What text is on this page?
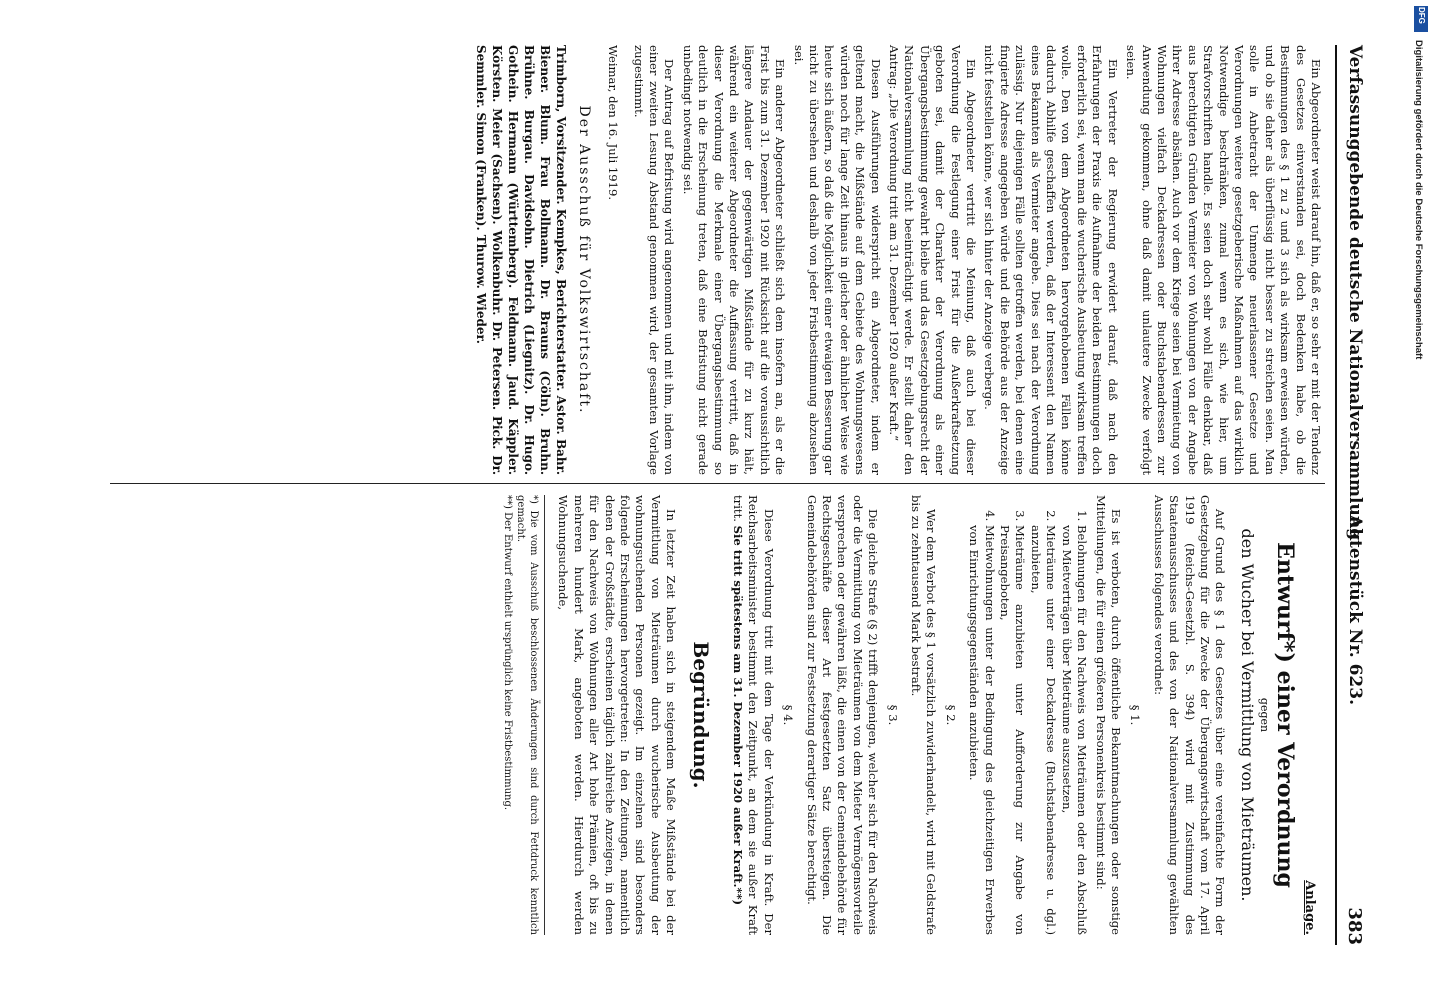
Verfassunggebende deutsche Nationalversammlung.
Aktenstück Nr. 623.
383

Ein Abgeordneter weist darauf hin, daß er, so sehr er mit der Tendenz des Gesetzes einverstanden sei, doch Bedenken habe, ob die Bestimmungen des § 1 zu 2 und 3 sich als wirksam erweisen würden, und ob sie daher als überflüssig nicht besser zu streichen seien. Man solle in Anbetracht der Unmenge neuerlassener Gesetze und Verordnungen weitere gesetzgeberische Maßnahmen auf das wirklich Notwendige beschränken, zumal wenn es sich, wie hier, um Strafvorschriften handle. Es seien doch sehr wohl Fälle denkbar, daß aus berechtigten Gründen Vermieter von Wohnungen von der Angabe ihrer Adresse absähen. Auch vor dem Kriege seien bei Vermietung von Wohnungen vielfach Deckadressen oder Buchstabenadressen zur Anwendung gekommen, ohne daß damit unlautere Zwecke verfolgt seien.

Ein Vertreter der Regierung erwidert darauf, daß nach den Erfahrungen der Praxis die Aufnahme der beiden Bestimmungen doch erforderlich sei, wenn man die wucherische Ausbeutung wirksam treffen wolle. Den von dem Abgeordneten hervorgehobenen Fällen könne dadurch Abhilfe geschaffen werden, daß der Interessent den Namen eines Bekannten als Vermieter angebe. Dies sei nach der Verordnung zulässig. Nur diejenigen Fälle sollten getroffen werden, bei denen eine fingierte Adresse angegeben würde und die Behörde aus der Anzeige nicht feststellen könne, wer sich hinter der Anzeige verberge.

Ein Abgeordneter vertritt die Meinung, daß auch bei dieser Verordnung die Festlegung einer Frist für die Außerkraftsetzung geboten sei, damit der Charakter der Verordnung als einer Übergangsbestimmung gewahrt bleibe und das Gesetzgebungsrecht der Nationalversammlung nicht beeinträchtigt werde. Er stellt daher den Antrag: „Die Verordnung tritt am 31. Dezember 1920 außer Kraft.“

Diesen Ausführungen widerspricht ein Abgeordneter, indem er geltend macht, die Mißstände auf dem Gebiete des Wohnungswesens würden noch für lange Zeit hinaus in gleicher oder ähnlicher Weise wie heute sich äußern, so daß die Möglichkeit einer etwaigen Besserung gar nicht zu übersehen und deshalb von jeder Fristbestimmung abzusehen sei.

Ein anderer Abgeordneter schließt sich dem insofern an, als er die Frist bis zum 31. Dezember 1920 mit Rücksicht auf die voraussichtlich längere Andauer der gegenwärtigen Mißstände für zu kurz hält, während ein weiterer Abgeordneter die Auffassung vertritt, daß in dieser Verordnung die Merkmale einer Übergangsbestimmung so deutlich in die Erscheinung treten, daß eine Befristung nicht gerade unbedingt notwendig sei.

Der Antrag auf Befristung wird angenommen und mit ihm, indem von einer zweiten Lesung Abstand genommen wird, der gesamten Vorlage zugestimmt.

Weimar, den 16. Juli 1919.

Der Ausschuß für Volkswirtschaft.
Trimborn, Vorsitzender. Kempkes, Berichterstatter. Astor. Bahr. Biener. Blum. Frau Bollmann. Dr. Brauns (Cöln). Bruhn. Brühne. Burgau. Davidsohn. Dietrich (Liegnitz). Dr. Hugo. Gothein. Hermann (Württemberg). Feldmann. Jaud. Käppler. Körsten. Meier (Sachsen). Wolkenbuhr. Dr. Petersen. Pick. Dr. Semmler. Simon (Franken). Thurow. Wieder.
Anlage.
Entwurf*) einer Verordnung
gegen
den Wucher bei Vermittlung von Mieträumen.

Auf Grund des § 1 des Gesetzes über eine vereinfachte Form der Gesetzgebung für die Zwecke der Übergangswirtschaft vom 17. April 1919 (Reichs-Gesetzbl. S. 394) wird mit Zustimmung des Staatenausschusses und des von der Nationalversammlung gewählten Ausschusses folgendes verordnet:

§ 1.

Es ist verboten, durch öffentliche Bekanntmachungen oder sonstige Mitteilungen, die für einen größeren Personenkreis bestimmt sind:

1. Belohnungen für den Nachweis von Mieträumen oder den Abschluß von Mietverträgen über Mieträume auszusetzen,
2. Mieträume unter einer Deckadresse (Buchstabenadresse u. dgl.) anzubieten,
3. Mieträume anzubieten unter Aufforderung zur Angabe von Preisangeboten,
4. Mietwohnungen unter der Bedingung des gleichzeitigen Erwerbes von Einrichtungsgegenständen anzubieten.
§ 2.

Wer dem Verbot des § 1 vorsätzlich zuwiderhandelt, wird mit Geldstrafe bis zu zehntausend Mark bestraft.

§ 3.

Die gleiche Strafe (§ 2) trifft denjenigen, welcher sich für den Nachweis oder die Vermittlung von Mieträumen von dem Mieter Vermögensvorteile versprechen oder gewähren läßt, die einen von der Gemeindebehörde für Rechtsgeschäfte dieser Art festgesetzten Satz übersteigen. Die Gemeindebehörden sind zur Festsetzung derartiger Sätze berechtigt.

§ 4.

Diese Verordnung tritt mit dem Tage der Verkündung in Kraft. Der Reichsarbeitsminister bestimmt den Zeitpunkt, an dem sie außer Kraft tritt. Sie tritt spätestens am 31. Dezember 1920 außer Kraft.**)

Begründung.

In letzter Zeit haben sich in steigendem Maße Mißstände bei der Vermittlung von Mieträumen durch wucherische Ausbeutung der wohnungsuchenden Personen gezeigt. Im einzelnen sind besonders folgende Erscheinungen hervorgetreten: In den Zeitungen, namentlich denen der Großstädte, erscheinen täglich zahlreiche Anzeigen, in denen für den Nachweis von Wohnungen aller Art hohe Prämien, oft bis zu mehreren hundert Mark, angeboten werden. Hierdurch werden Wohnungsuchende,

*) Die vom Ausschuß beschlossenen Änderungen sind durch Fettdruck kenntlich gemacht.
**) Der Entwurf enthielt ursprünglich keine Fristbestimmung.
DFG
Digitalisierung gefördert durch die Deutsche Forschungsgemeinschaft
